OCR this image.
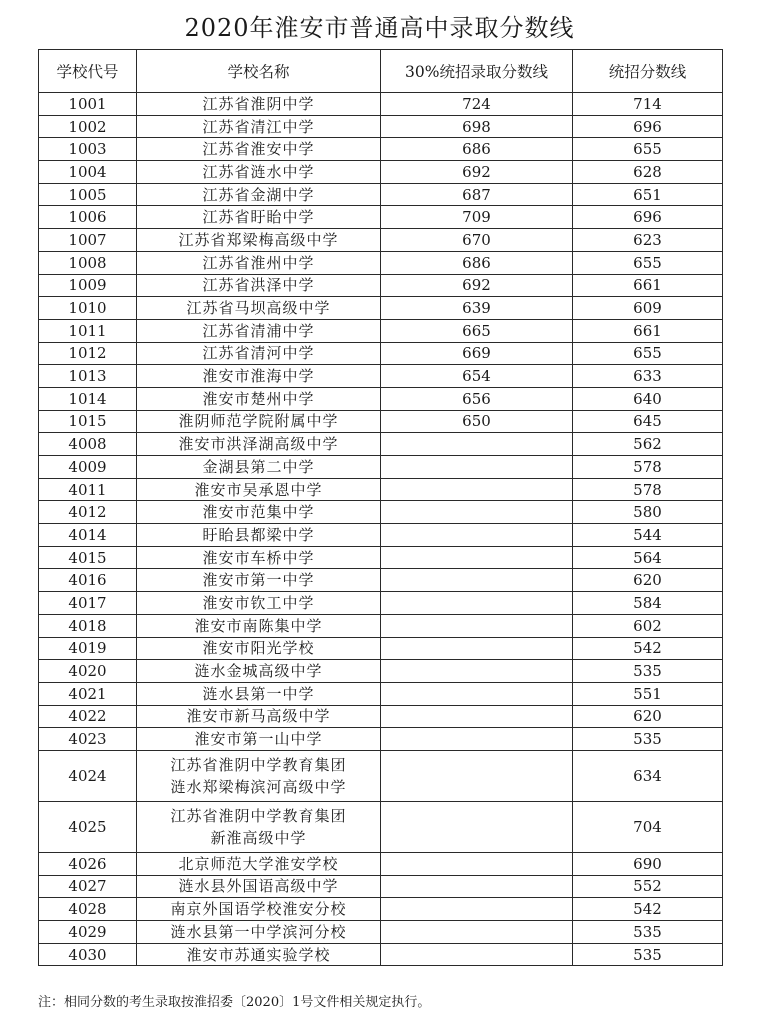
2020年淮安市普通高中录取分数线
学校代号	学校名称	30%统招录取分数线	统招分数线
1001	江苏省淮阴中学	724	714
1002	江苏省清江中学	698	696
1003	江苏省淮安中学	686	655
1004	江苏省涟水中学	692	628
1005	江苏省金湖中学	687	651
1006	江苏省盱眙中学	709	696
1007	江苏省郑梁梅高级中学	670	623
1008	江苏省淮州中学	686	655
1009	江苏省洪泽中学	692	661
1010	江苏省马坝高级中学	639	609
1011	江苏省清浦中学	665	661
1012	江苏省清河中学	669	655
1013	淮安市淮海中学	654	633
1014	淮安市楚州中学	656	640
1015	淮阴师范学院附属中学	650	645
4008	淮安市洪泽湖高级中学		562
4009	金湖县第二中学		578
4011	淮安市吴承恩中学		578
4012	淮安市范集中学		580
4014	盱眙县都梁中学		544
4015	淮安市车桥中学		564
4016	淮安市第一中学		620
4017	淮安市钦工中学		584
4018	淮安市南陈集中学		602
4019	淮安市阳光学校		542
4020	涟水金城高级中学		535
4021	涟水县第一中学		551
4022	淮安市新马高级中学		620
4023	淮安市第一山中学		535
4024	江苏省淮阴中学教育集团
涟水郑梁梅滨河高级中学		634
4025	江苏省淮阴中学教育集团
新淮高级中学		704
4026	北京师范大学淮安学校		690
4027	涟水县外国语高级中学		552
4028	南京外国语学校淮安分校		542
4029	涟水县第一中学滨河分校		535
4030	淮安市苏通实验学校		535
注：相同分数的考生录取按淮招委〔2020〕1号文件相关规定执行。
